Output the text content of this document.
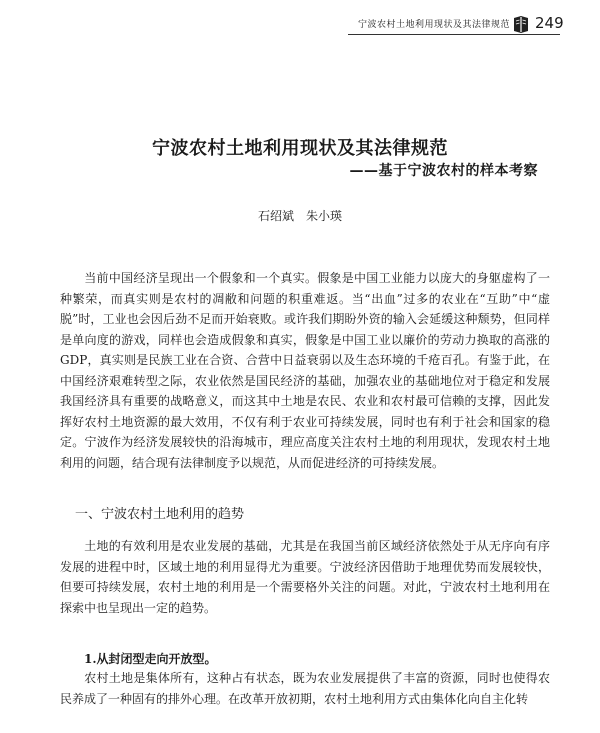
宁波农村土地利用现状及其法律规范 249
宁波农村土地利用现状及其法律规范
——基于宁波农村的样本考察
石绍斌　朱小瑛

当前中国经济呈现出一个假象和一个真实。假象是中国工业能力以庞大的身躯虚构了一种繁荣，而真实则是农村的凋敝和问题的积重难返。当“出血”过多的农业在“互助”中“虚脱”时，工业也会因后劲不足而开始衰败。或许我们期盼外资的输入会延缓这种颓势，但同样是单向度的游戏，同样也会造成假象和真实，假象是中国工业以廉价的劳动力换取的高涨的GDP，真实则是民族工业在合资、合营中日益衰弱以及生态环境的千疮百孔。有鉴于此，在中国经济艰难转型之际，农业依然是国民经济的基础，加强农业的基础地位对于稳定和发展我国经济具有重要的战略意义，而这其中土地是农民、农业和农村最可信赖的支撑，因此发挥好农村土地资源的最大效用，不仅有利于农业可持续发展，同时也有利于社会和国家的稳定。宁波作为经济发展较快的沿海城市，理应高度关注农村土地的利用现状，发现农村土地利用的问题，结合现有法律制度予以规范，从而促进经济的可持续发展。

一、宁波农村土地利用的趋势

土地的有效利用是农业发展的基础，尤其是在我国当前区域经济依然处于从无序向有序发展的进程中时，区域土地的利用显得尤为重要。宁波经济因借助于地理优势而发展较快，但要可持续发展，农村土地的利用是一个需要格外关注的问题。对此，宁波农村土地利用在探索中也呈现出一定的趋势。

1.从封闭型走向开放型。

农村土地是集体所有，这种占有状态，既为农业发展提供了丰富的资源，同时也使得农民养成了一种固有的排外心理。在改革开放初期，农村土地利用方式由集体化向自主化转
